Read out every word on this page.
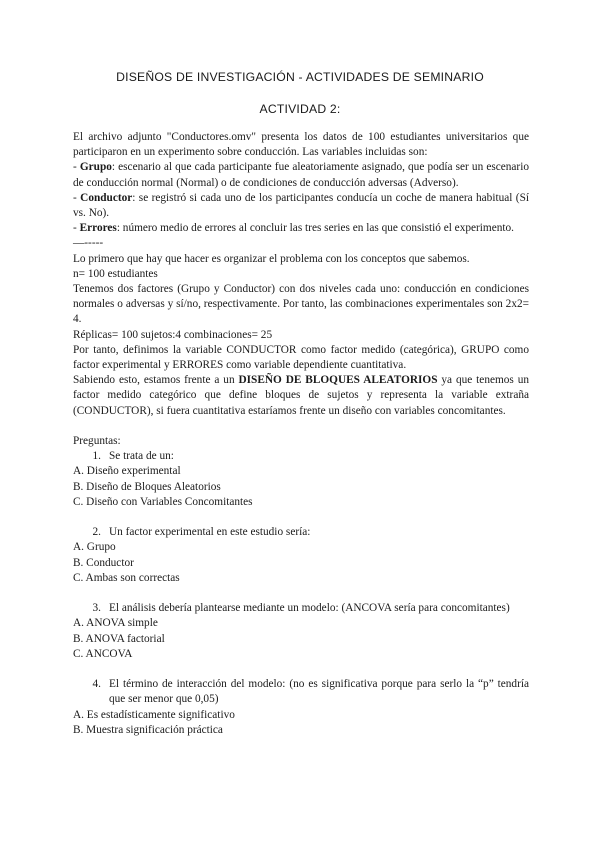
DISEÑOS DE INVESTIGACIÓN - ACTIVIDADES DE SEMINARIO
ACTIVIDAD 2:

El archivo adjunto "Conductores.omv" presenta los datos de 100 estudiantes universitarios que participaron en un experimento sobre conducción. Las variables incluidas son:

- Grupo: escenario al que cada participante fue aleatoriamente asignado, que podía ser un escenario de conducción normal (Normal) o de condiciones de conducción adversas (Adverso).

- Conductor: se registró si cada uno de los participantes conducía un coche de manera habitual (Sí vs. No).

- Errores: número medio de errores al concluir las tres series en las que consistió el experimento.

—-----

Lo primero que hay que hacer es organizar el problema con los conceptos que sabemos.

n= 100 estudiantes

Tenemos dos factores (Grupo y Conductor) con dos niveles cada uno: conducción en condiciones normales o adversas y sí/no, respectivamente. Por tanto, las combinaciones experimentales son 2x2= 4.

Réplicas= 100 sujetos:4 combinaciones= 25

Por tanto, definimos la variable CONDUCTOR como factor medido (categórica), GRUPO como factor experimental y ERRORES como variable dependiente cuantitativa.

Sabiendo esto, estamos frente a un DISEÑO DE BLOQUES ALEATORIOS ya que tenemos un factor medido categórico que define bloques de sujetos y representa la variable extraña (CONDUCTOR), si fuera cuantitativa estaríamos frente un diseño con variables concomitantes.

Preguntas:

1. Se trata de un:

A. Diseño experimental

B. Diseño de Bloques Aleatorios

C. Diseño con Variables Concomitantes

2. Un factor experimental en este estudio sería:

A. Grupo

B. Conductor

C. Ambas son correctas

3. El análisis debería plantearse mediante un modelo: (ANCOVA sería para concomitantes)

A. ANOVA simple

B. ANOVA factorial

C. ANCOVA

4. El término de interacción del modelo: (no es significativa porque para serlo la “p” tendría que ser menor que 0,05)

A. Es estadísticamente significativo

B. Muestra significación práctica
